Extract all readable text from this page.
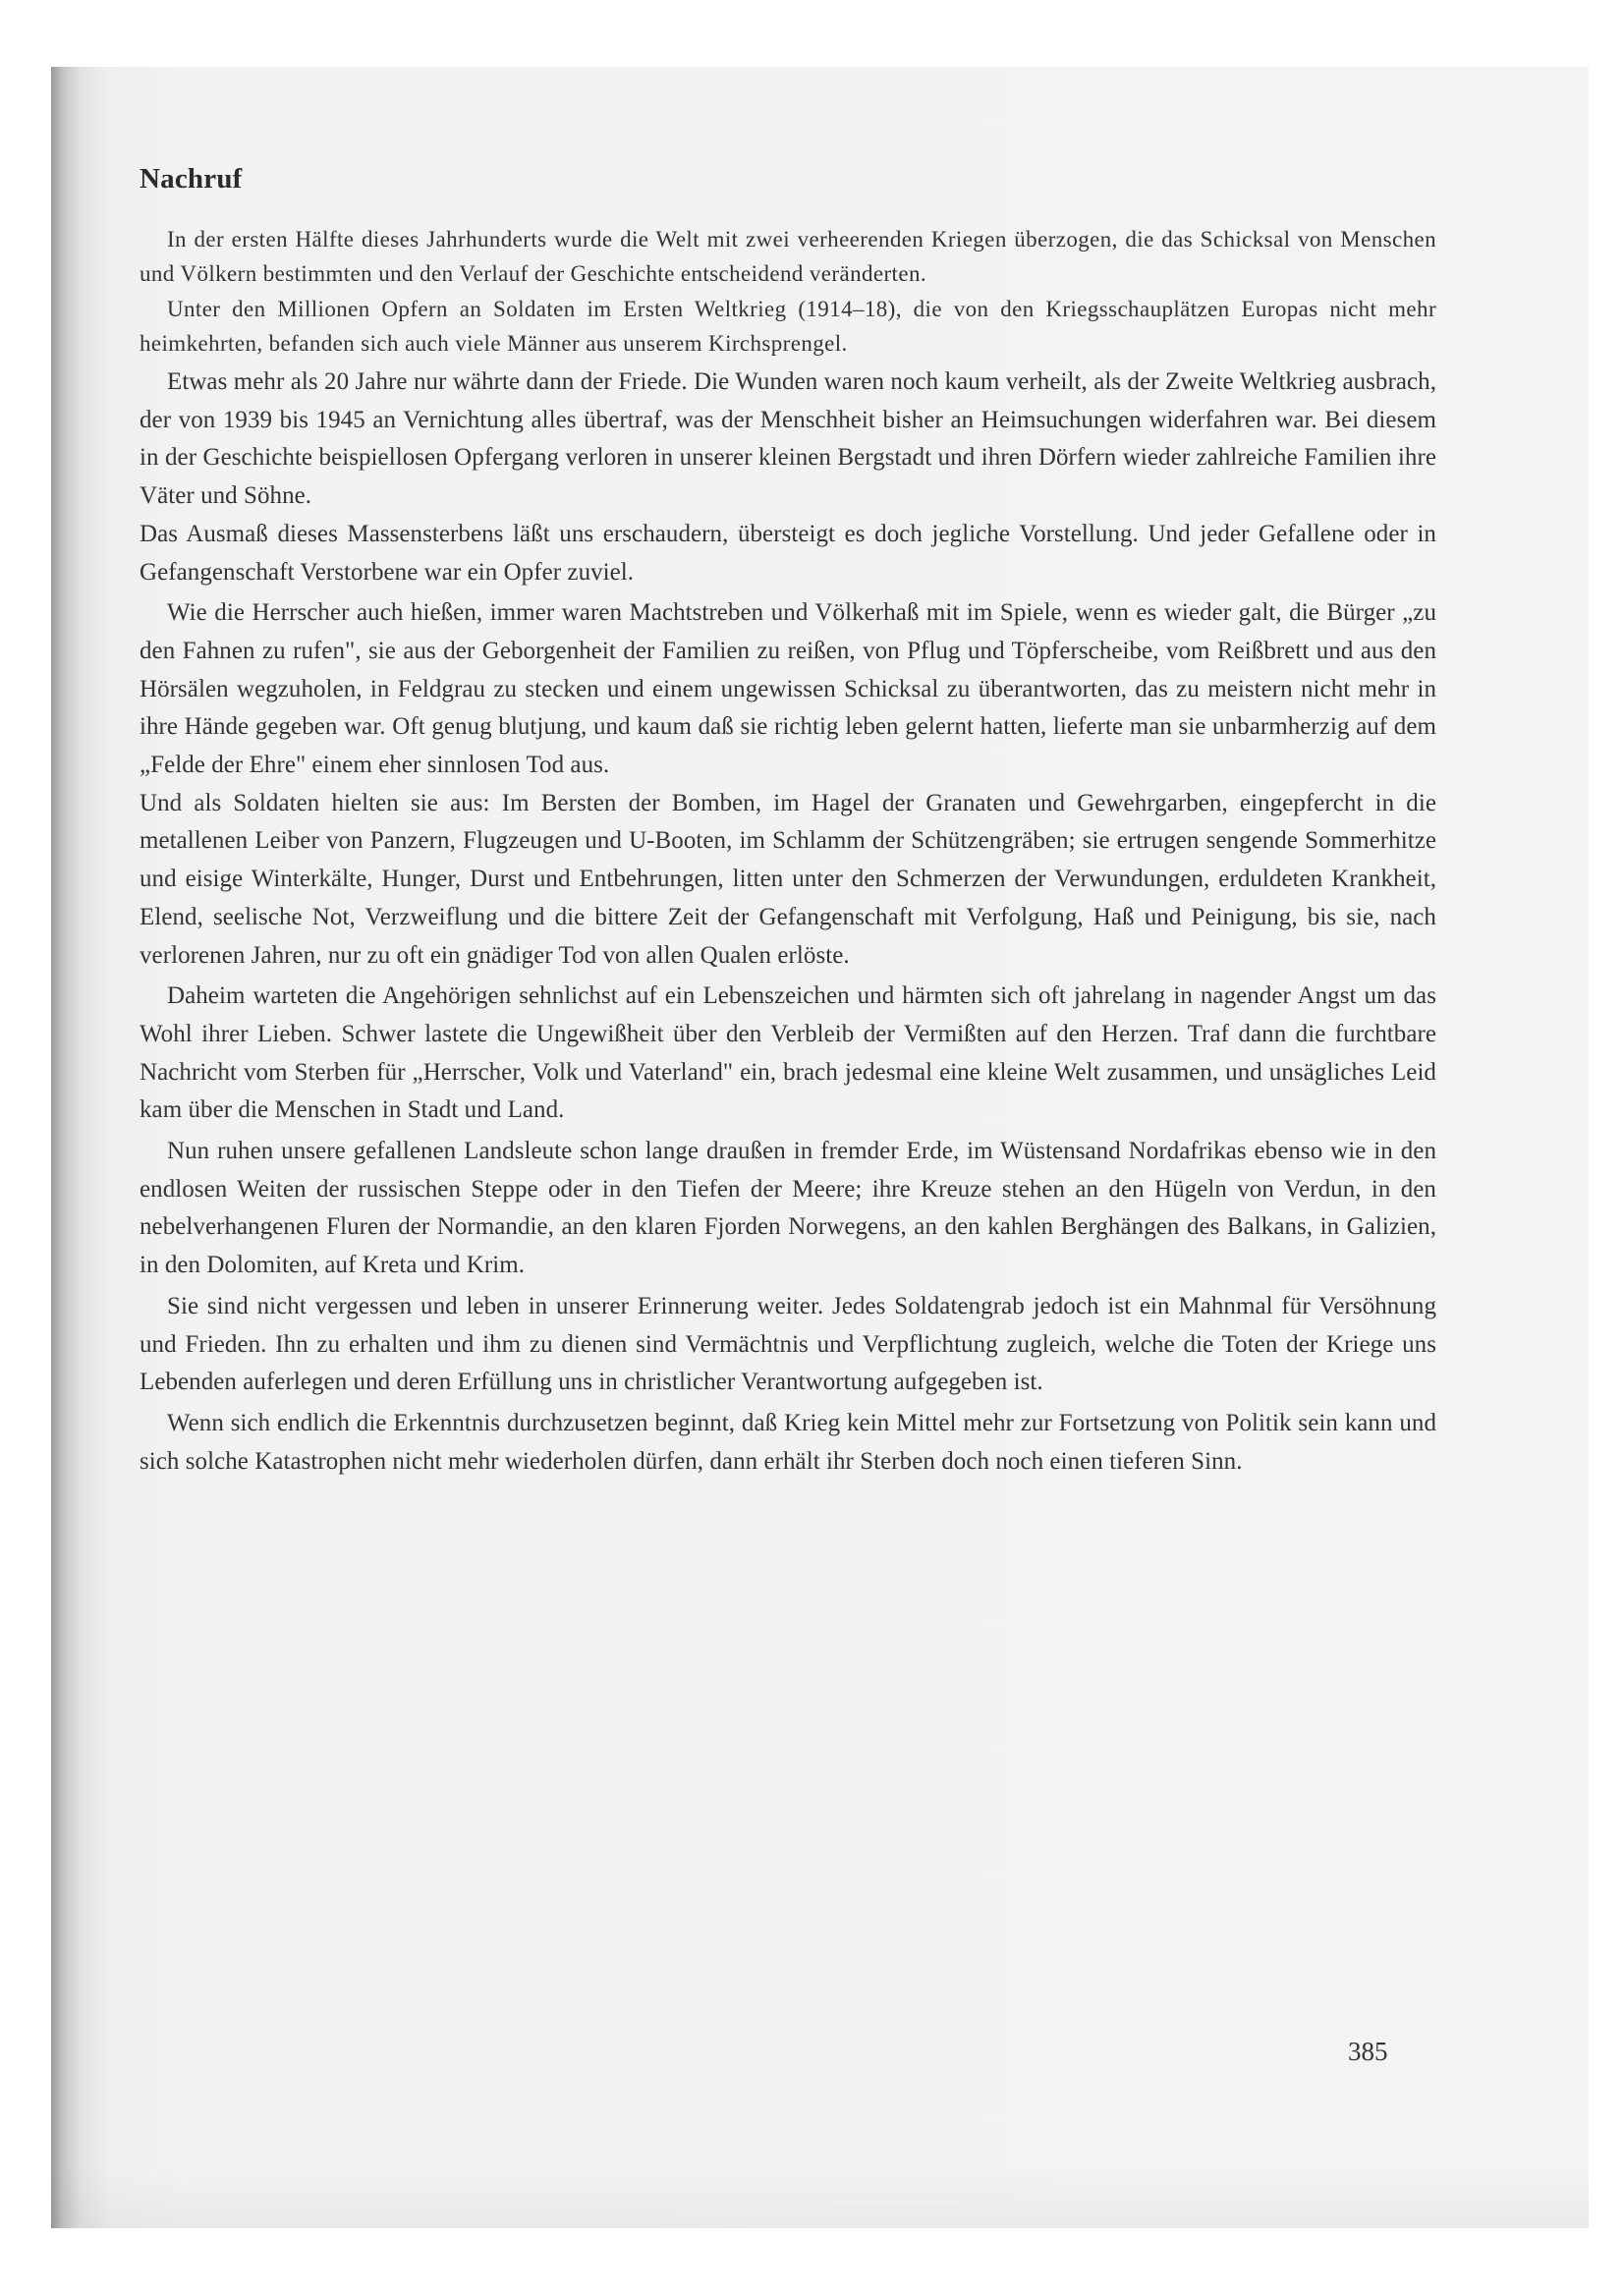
Nachruf

In der ersten Hälfte dieses Jahrhunderts wurde die Welt mit zwei verheerenden Kriegen überzogen, die das Schicksal von Menschen und Völkern bestimmten und den Verlauf der Geschichte entscheidend veränderten.

Unter den Millionen Opfern an Soldaten im Ersten Weltkrieg (1914–18), die von den Kriegsschauplätzen Europas nicht mehr heimkehrten, befanden sich auch viele Männer aus unserem Kirchsprengel.

Etwas mehr als 20 Jahre nur währte dann der Friede. Die Wunden waren noch kaum verheilt, als der Zweite Weltkrieg ausbrach, der von 1939 bis 1945 an Vernichtung alles übertraf, was der Menschheit bisher an Heimsuchungen widerfahren war. Bei diesem in der Geschichte beispiellosen Opfergang verloren in unserer kleinen Bergstadt und ihren Dörfern wieder zahlreiche Familien ihre Väter und Söhne.

Das Ausmaß dieses Massensterbens läßt uns erschaudern, übersteigt es doch jegliche Vorstellung. Und jeder Gefallene oder in Gefangenschaft Verstorbene war ein Opfer zuviel.

Wie die Herrscher auch hießen, immer waren Machtstreben und Völkerhaß mit im Spiele, wenn es wieder galt, die Bürger „zu den Fahnen zu rufen", sie aus der Geborgenheit der Familien zu reißen, von Pflug und Töpferscheibe, vom Reißbrett und aus den Hörsälen wegzuholen, in Feldgrau zu stecken und einem ungewissen Schicksal zu überantworten, das zu meistern nicht mehr in ihre Hände gegeben war. Oft genug blutjung, und kaum daß sie richtig leben gelernt hatten, lieferte man sie unbarmherzig auf dem „Felde der Ehre" einem eher sinnlosen Tod aus.

Und als Soldaten hielten sie aus: Im Bersten der Bomben, im Hagel der Granaten und Gewehrgarben, eingepfercht in die metallenen Leiber von Panzern, Flugzeugen und U-Booten, im Schlamm der Schützengräben; sie ertrugen sengende Sommerhitze und eisige Winterkälte, Hunger, Durst und Entbehrungen, litten unter den Schmerzen der Verwundungen, erduldeten Krankheit, Elend, seelische Not, Verzweiflung und die bittere Zeit der Gefangenschaft mit Verfolgung, Haß und Peinigung, bis sie, nach verlorenen Jahren, nur zu oft ein gnädiger Tod von allen Qualen erlöste.

Daheim warteten die Angehörigen sehnlichst auf ein Lebenszeichen und härmten sich oft jahrelang in nagender Angst um das Wohl ihrer Lieben. Schwer lastete die Ungewißheit über den Verbleib der Vermißten auf den Herzen. Traf dann die furchtbare Nachricht vom Sterben für „Herrscher, Volk und Vaterland" ein, brach jedesmal eine kleine Welt zusammen, und unsägliches Leid kam über die Menschen in Stadt und Land.

Nun ruhen unsere gefallenen Landsleute schon lange draußen in fremder Erde, im Wüstensand Nordafrikas ebenso wie in den endlosen Weiten der russischen Steppe oder in den Tiefen der Meere; ihre Kreuze stehen an den Hügeln von Verdun, in den nebelverhangenen Fluren der Normandie, an den klaren Fjorden Norwegens, an den kahlen Berghängen des Balkans, in Galizien, in den Dolomiten, auf Kreta und Krim.

Sie sind nicht vergessen und leben in unserer Erinnerung weiter. Jedes Soldatengrab jedoch ist ein Mahnmal für Versöhnung und Frieden. Ihn zu erhalten und ihm zu dienen sind Vermächtnis und Verpflichtung zugleich, welche die Toten der Kriege uns Lebenden auferlegen und deren Erfüllung uns in christlicher Verantwortung aufgegeben ist.

Wenn sich endlich die Erkenntnis durchzusetzen beginnt, daß Krieg kein Mittel mehr zur Fortsetzung von Politik sein kann und sich solche Katastrophen nicht mehr wiederholen dürfen, dann erhält ihr Sterben doch noch einen tieferen Sinn.

385
